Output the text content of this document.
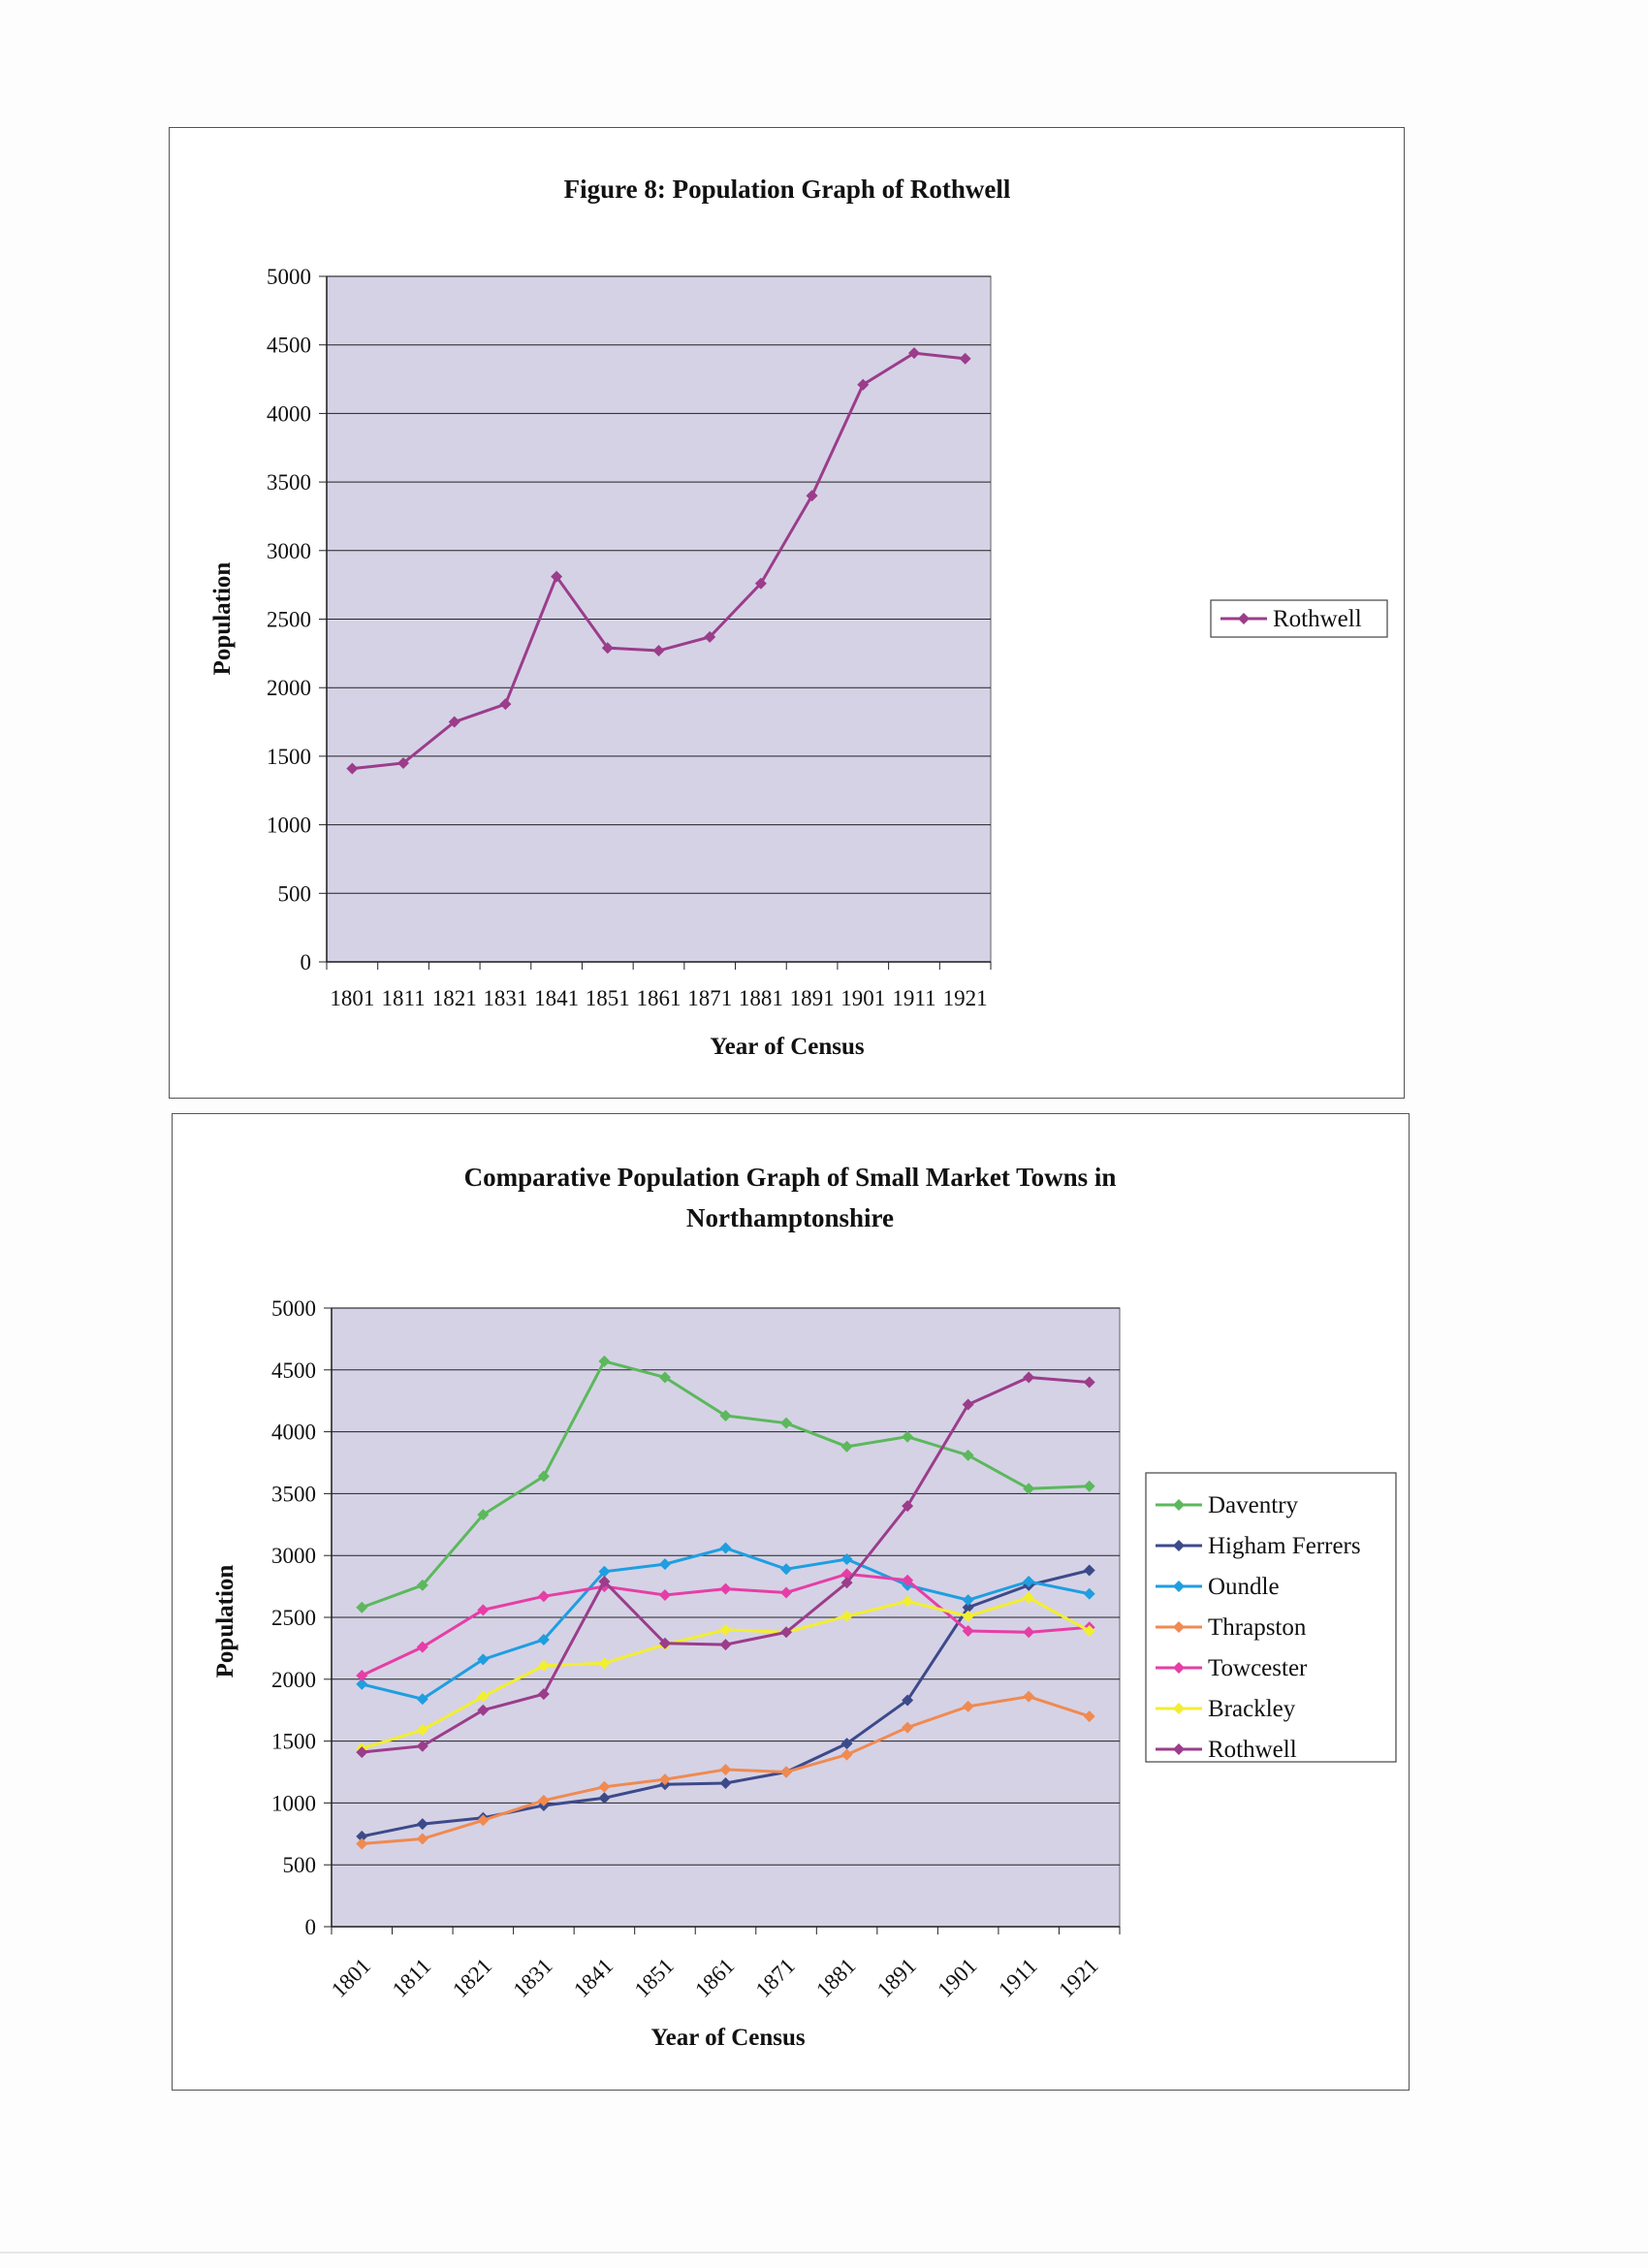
Figure 8: Population Graph of Rothwell
0
500
1000
1500
2000
2500
3000
3500
4000
4500
5000
1801 1811 1821 1831 1841 1851 1861 1871 1881 1891 1901 1911 1921
Year of Census
Population	Rothwell
Comparative Population Graph of Small Market Towns in
Northamptonshire
0
500
1000
1500
2000
2500
3000
3500
4000
4500
5000
1801 1811 1821 1831 1841 1851 1861 1871 1881 1891 1901 1911 1921
Year of Census
Population
Daventry
Higham Ferrers
Oundle
Thrapston
Towcester
Brackley
Rothwell
